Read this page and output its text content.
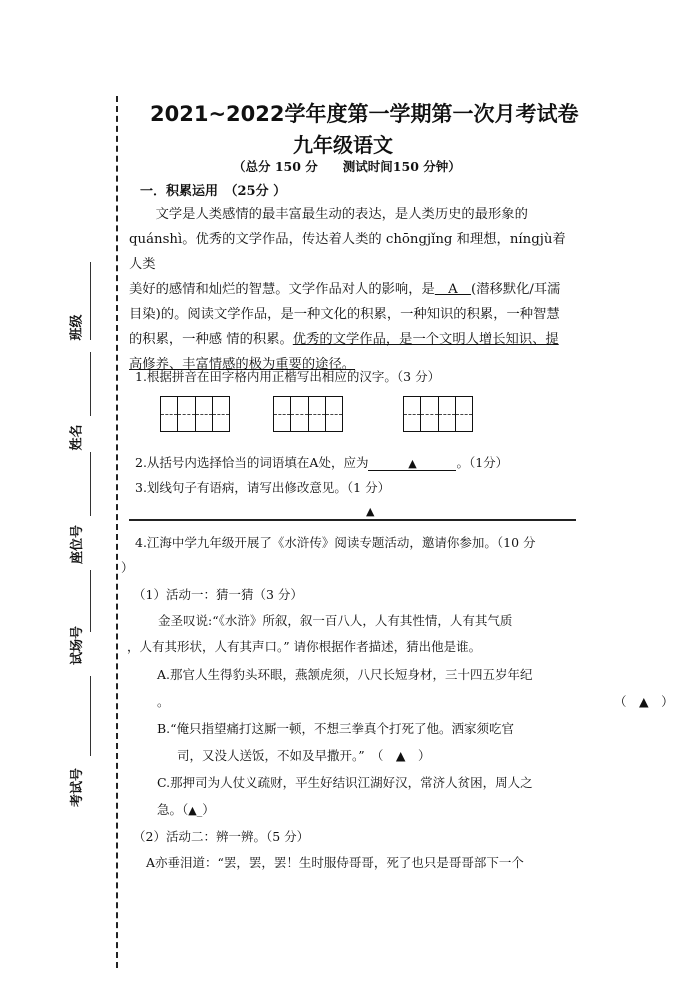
班级
姓名
座位号
试场号
考试号
2021~2022学年度第一学期第一次月考试卷
九年级语文
（总分 150 分　　测试时间150 分钟）
一．积累运用　（25分 ）
　　文学是人类感情的最丰富最生动的表达，是人类历史的最形象的
quánshì。优秀的文学作品，传达着人类的 chōngjǐng 和理想，níngjù着人类
美好的感情和灿烂的智慧。文学作品对人的影响，是　A　(潜移默化/耳濡
目染)的。阅读文学作品，是一种文化的积累，一种知识的积累，一种智慧
的积累，一种感 情的积累。优秀的文学作品，是一个文明人增长知识、提
高修养、丰富情感的极为重要的途径。
1.根据拼音在田字格内用正楷写出相应的汉字。（3 分）
2.从括号内选择恰当的词语填在A处，应为	▲	。（1分）
3.划线句子有语病，请写出修改意见。（1 分）
▲
4.江海中学九年级开展了《水浒传》阅读专题活动，邀请你参加。（10 分
）
（1）活动一：猜一猜（3 分）
　　金圣叹说:“《水浒》所叙，叙一百八人，人有其性情，人有其气质
，人有其形状，人有其声口。” 请你根据作者描述，猜出他是谁。
A.那官人生得豹头环眼，燕颔虎须，八尺长短身材，三十四五岁年纪
。	（　▲　）
B.“俺只指望痛打这厮一顿，不想三拳真个打死了他。洒家须吃官
司，又没人送饭，不如及早撒开。”　（　▲　）
C.那押司为人仗义疏财，平生好结识江湖好汉，常济人贫困，周人之
急。（▲_）
（2）活动二：辨一辨。（5 分）
A亦垂泪道：“罢，罢，罢！生时服侍哥哥，死了也只是哥哥部下一个
